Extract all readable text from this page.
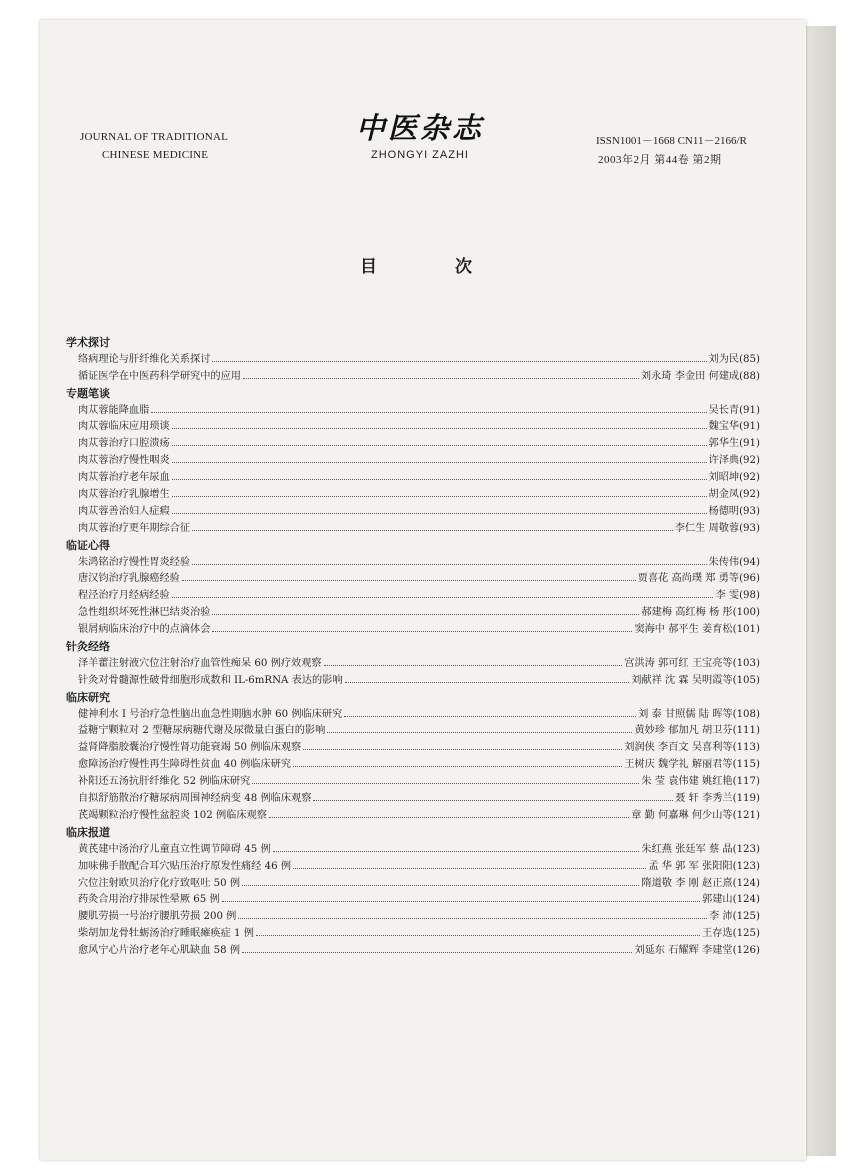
JOURNAL OF TRADITIONAL
CHINESE MEDICINE
中医杂志
ZHONGYI ZAZHI
ISSN1001－1668 CN11－2166/R
2003年2月 第44卷 第2期
目次
学术探讨
络病理论与肝纤维化关系探讨	刘为民(85)
循证医学在中医药科学研究中的应用	刘永琦 李金田 何建成(88)
专题笔谈
肉苁蓉能降血脂	吴长青(91)
肉苁蓉临床应用琐谈	魏宝华(91)
肉苁蓉治疗口腔溃疡	郭华生(91)
肉苁蓉治疗慢性咽炎	许泽典(92)
肉苁蓉治疗老年尿血	刘昭坤(92)
肉苁蓉治疗乳腺增生	胡金凤(92)
肉苁蓉善治妇人症瘕	杨德明(93)
肉苁蓉治疗更年期综合征	李仁生 周敬蓉(93)
临证心得
朱鸿铭治疗慢性胃炎经验	朱传伟(94)
唐汉钧治疗乳腺癌经验	贾喜花 高尚璞 郑 勇等(96)
程泾治疗月经病经验	李 雯(98)
急性组织坏死性淋巴结炎治验	郝建梅 高红梅 杨 彤(100)
银屑病临床治疗中的点滴体会	窦海中 郝平生 姜育松(101)
针灸经络
泽羊藿注射液穴位注射治疗血管性痴呆 60 例疗效观察	宫洪涛 郭可红 王宝亮等(103)
针灸对骨髓源性破骨细胞形成数和 IL-6mRNA 表达的影响	刘献祥 沈 霖 吴明霞等(105)
临床研究
健神利水 I 号治疗急性脑出血急性期脑水肿 60 例临床研究	刘 泰 甘照儒 陆 晖等(108)
益糖宁颗粒对 2 型糖尿病糖代谢及尿微量白蛋白的影响	黄妙珍 郁加凡 胡卫芬(111)
益肾降脂胶囊治疗慢性肾功能衰竭 50 例临床观察	刘润侠 李百文 吴喜利等(113)
愈障汤治疗慢性再生障碍性贫血 40 例临床研究	王树庆 魏学礼 解丽君等(115)
补阳还五汤抗肝纤维化 52 例临床研究	朱 莹 袁伟建 姚红艳(117)
自拟舒筋散治疗糖尿病周围神经病变 48 例临床观察	聂 轩 李秀兰(119)
芪竭颗粒治疗慢性盆腔炎 102 例临床观察	章 勤 何嘉琳 何少山等(121)
临床报道
黄芪建中汤治疗儿童直立性调节障碍 45 例	朱红燕 张廷军 蔡 晶(123)
加味佛手散配合耳穴贴压治疗原发性痛经 46 例	孟 华 郭 军 张阳阳(123)
穴位注射欧贝治疗化疗致呕吐 50 例	隋道敬 李 刚 赵正熹(124)
药灸合用治疗排尿性晕厥 65 例	郭建山(124)
腰肌劳损一号治疗腰肌劳损 200 例	李 沛(125)
柴胡加龙骨牡蛎汤治疗睡眠瘫痪症 1 例	王存选(125)
愈风宁心片治疗老年心肌缺血 58 例	刘延东 石耀辉 李建堂(126)
